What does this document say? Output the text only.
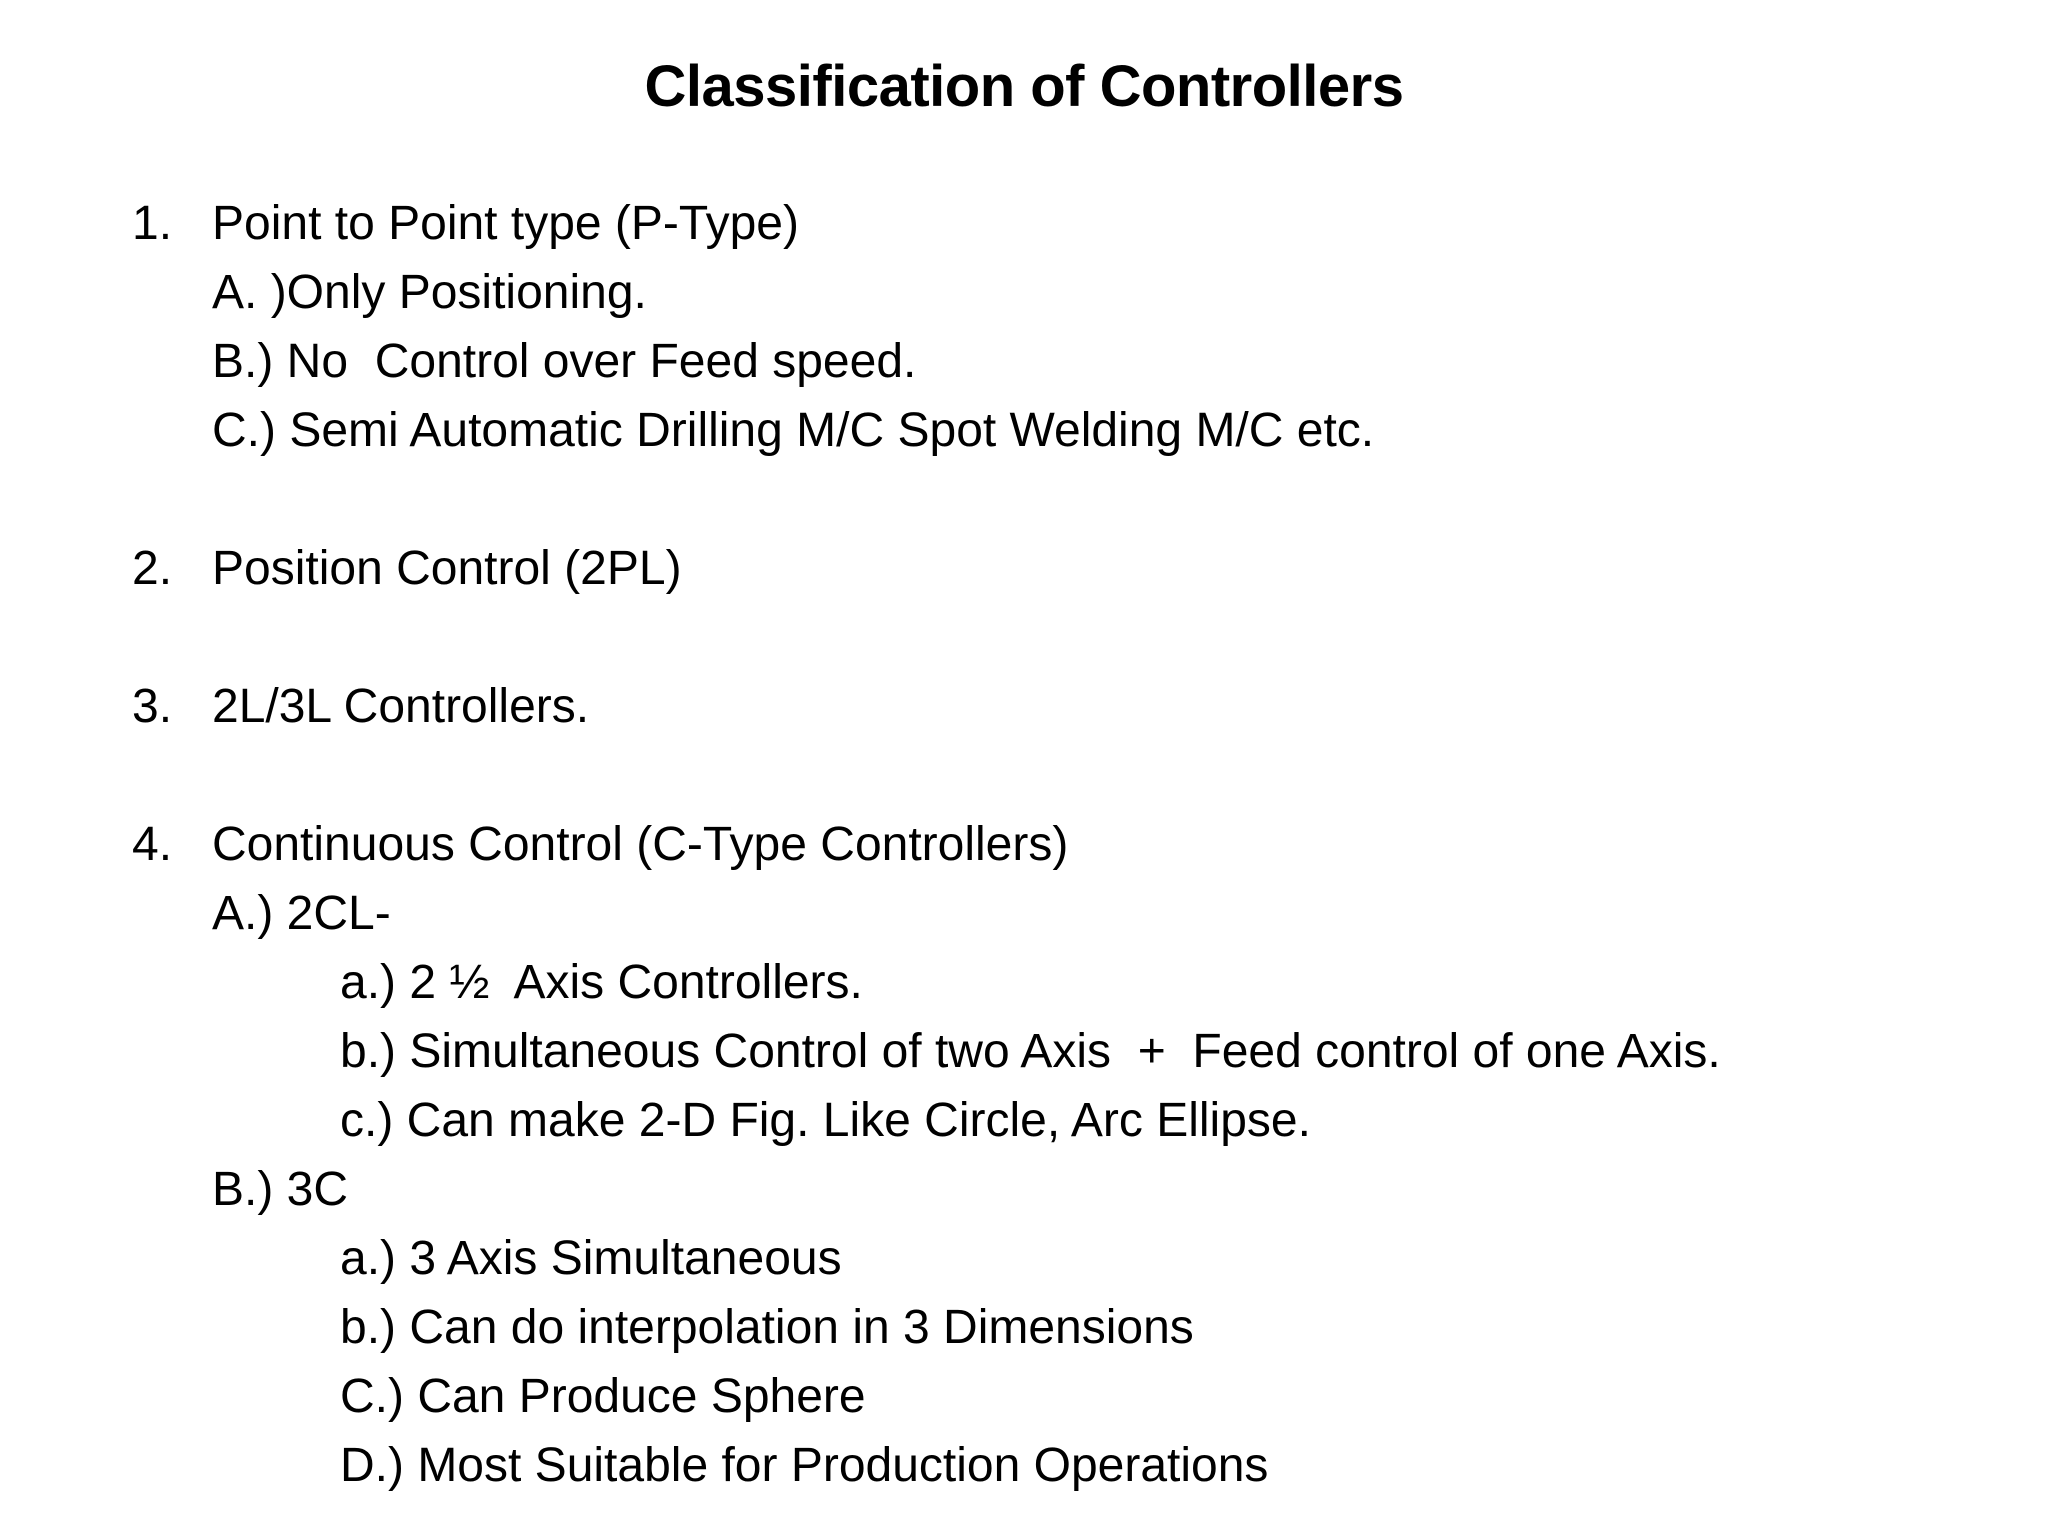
Classification of Controllers
1. Point to Point type (P-Type)
A. )Only Positioning.
B.) No  Control over Feed speed.
C.) Semi Automatic Drilling M/C Spot Welding M/C etc.
2. Position Control (2PL)
3. 2L/3L Controllers.
4. Continuous Control (C-Type Controllers)
A.) 2CL-
a.) 2 ½  Axis Controllers.
b.) Simultaneous Control of two Axis  +  Feed control of one Axis.
c.) Can make 2-D Fig. Like Circle, Arc Ellipse.
B.) 3C
a.) 3 Axis Simultaneous
b.) Can do interpolation in 3 Dimensions
C.) Can Produce Sphere
D.) Most Suitable for Production Operations
